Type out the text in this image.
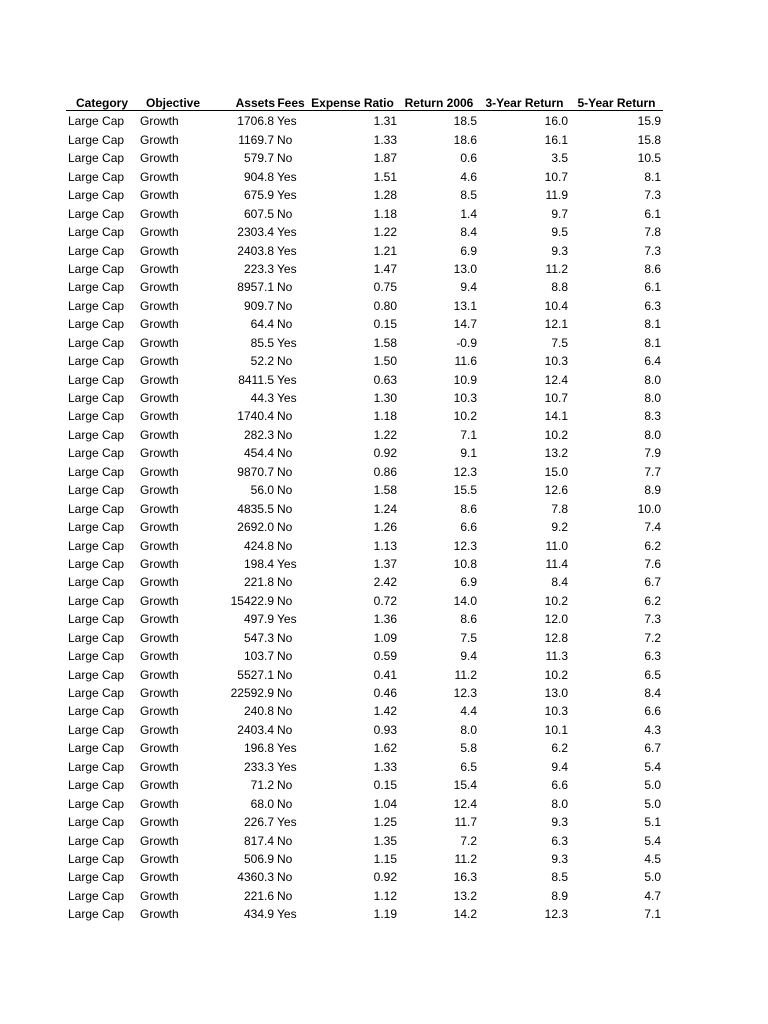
Category	Objective	Assets	Fees	Expense Ratio	Return 2006	3-Year Return	5-Year Return
Large Cap	Growth	1706.8	Yes	1.31	18.5	16.0	15.9
Large Cap	Growth	1169.7	No	1.33	18.6	16.1	15.8
Large Cap	Growth	579.7	No	1.87	0.6	3.5	10.5
Large Cap	Growth	904.8	Yes	1.51	4.6	10.7	8.1
Large Cap	Growth	675.9	Yes	1.28	8.5	11.9	7.3
Large Cap	Growth	607.5	No	1.18	1.4	9.7	6.1
Large Cap	Growth	2303.4	Yes	1.22	8.4	9.5	7.8
Large Cap	Growth	2403.8	Yes	1.21	6.9	9.3	7.3
Large Cap	Growth	223.3	Yes	1.47	13.0	11.2	8.6
Large Cap	Growth	8957.1	No	0.75	9.4	8.8	6.1
Large Cap	Growth	909.7	No	0.80	13.1	10.4	6.3
Large Cap	Growth	64.4	No	0.15	14.7	12.1	8.1
Large Cap	Growth	85.5	Yes	1.58	-0.9	7.5	8.1
Large Cap	Growth	52.2	No	1.50	11.6	10.3	6.4
Large Cap	Growth	8411.5	Yes	0.63	10.9	12.4	8.0
Large Cap	Growth	44.3	Yes	1.30	10.3	10.7	8.0
Large Cap	Growth	1740.4	No	1.18	10.2	14.1	8.3
Large Cap	Growth	282.3	No	1.22	7.1	10.2	8.0
Large Cap	Growth	454.4	No	0.92	9.1	13.2	7.9
Large Cap	Growth	9870.7	No	0.86	12.3	15.0	7.7
Large Cap	Growth	56.0	No	1.58	15.5	12.6	8.9
Large Cap	Growth	4835.5	No	1.24	8.6	7.8	10.0
Large Cap	Growth	2692.0	No	1.26	6.6	9.2	7.4
Large Cap	Growth	424.8	No	1.13	12.3	11.0	6.2
Large Cap	Growth	198.4	Yes	1.37	10.8	11.4	7.6
Large Cap	Growth	221.8	No	2.42	6.9	8.4	6.7
Large Cap	Growth	15422.9	No	0.72	14.0	10.2	6.2
Large Cap	Growth	497.9	Yes	1.36	8.6	12.0	7.3
Large Cap	Growth	547.3	No	1.09	7.5	12.8	7.2
Large Cap	Growth	103.7	No	0.59	9.4	11.3	6.3
Large Cap	Growth	5527.1	No	0.41	11.2	10.2	6.5
Large Cap	Growth	22592.9	No	0.46	12.3	13.0	8.4
Large Cap	Growth	240.8	No	1.42	4.4	10.3	6.6
Large Cap	Growth	2403.4	No	0.93	8.0	10.1	4.3
Large Cap	Growth	196.8	Yes	1.62	5.8	6.2	6.7
Large Cap	Growth	233.3	Yes	1.33	6.5	9.4	5.4
Large Cap	Growth	71.2	No	0.15	15.4	6.6	5.0
Large Cap	Growth	68.0	No	1.04	12.4	8.0	5.0
Large Cap	Growth	226.7	Yes	1.25	11.7	9.3	5.1
Large Cap	Growth	817.4	No	1.35	7.2	6.3	5.4
Large Cap	Growth	506.9	No	1.15	11.2	9.3	4.5
Large Cap	Growth	4360.3	No	0.92	16.3	8.5	5.0
Large Cap	Growth	221.6	No	1.12	13.2	8.9	4.7
Large Cap	Growth	434.9	Yes	1.19	14.2	12.3	7.1
